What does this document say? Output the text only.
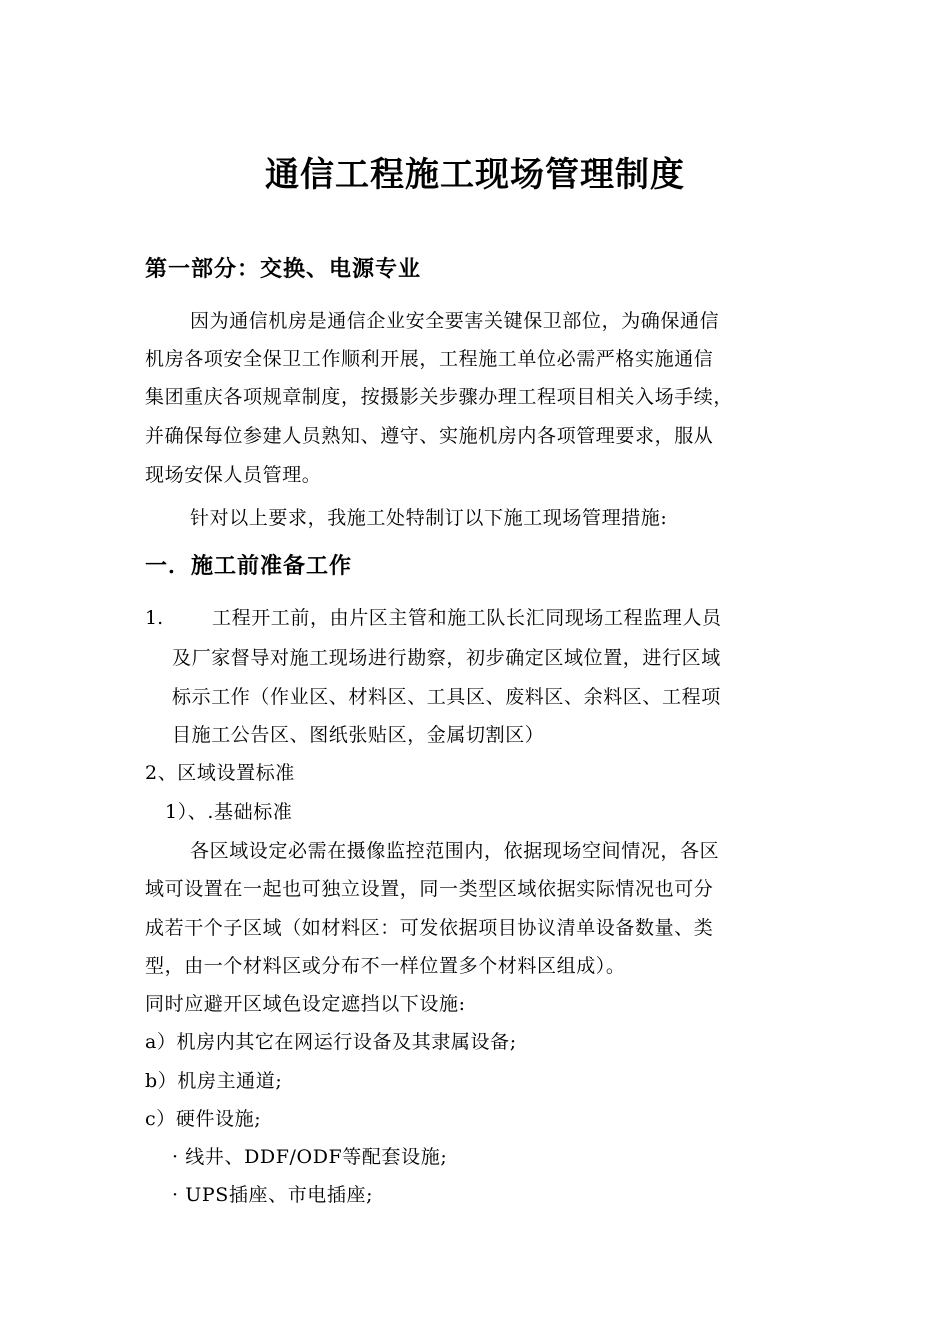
通信工程施工现场管理制度
第一部分：交换、电源专业
因为通信机房是通信企业安全要害关键保卫部位，为确保通信
机房各项安全保卫工作顺利开展，工程施工单位必需严格实施通信
集团重庆各项规章制度，按摄影关步骤办理工程项目相关入场手续，
并确保每位参建人员熟知、遵守、实施机房内各项管理要求，服从
现场安保人员管理。
针对以上要求，我施工处特制订以下施工现场管理措施:
一．施工前准备工作
1.	工程开工前，由片区主管和施工队长汇同现场工程监理人员
及厂家督导对施工现场进行勘察，初步确定区域位置，进行区域
标示工作（作业区、材料区、工具区、废料区、余料区、工程项
目施工公告区、图纸张贴区，金属切割区）
2、区域设置标准
1）、.基础标准
各区域设定必需在摄像监控范围内，依据现场空间情况，各区
域可设置在一起也可独立设置，同一类型区域依据实际情况也可分
成若干个子区域（如材料区：可发依据项目协议清单设备数量、类
型，由一个材料区或分布不一样位置多个材料区组成）。
同时应避开区域色设定遮挡以下设施:
a）机房内其它在网运行设备及其隶属设备;
b）机房主通道;
c）硬件设施;
· 线井、DDF/ODF等配套设施;
· UPS插座、市电插座;
